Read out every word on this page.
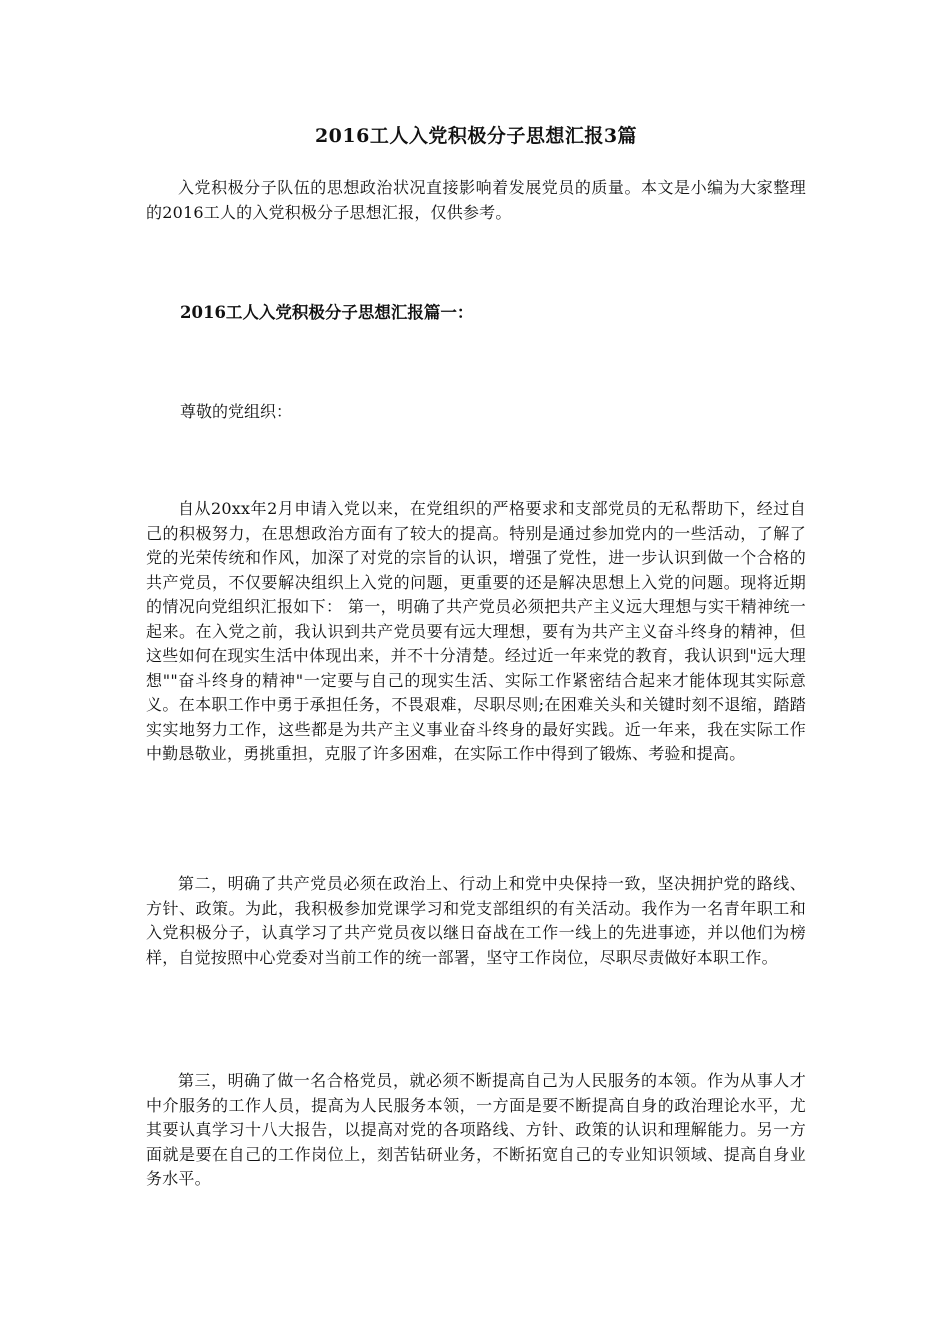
2016工人入党积极分子思想汇报3篇

入党积极分子队伍的思想政治状况直接影响着发展党员的质量。本文是小编为大家整理的2016工人的入党积极分子思想汇报，仅供参考。

2016工人入党积极分子思想汇报篇一：

尊敬的党组织：

自从20xx年2月申请入党以来，在党组织的严格要求和支部党员的无私帮助下，经过自己的积极努力，在思想政治方面有了较大的提高。特别是通过参加党内的一些活动，了解了党的光荣传统和作风，加深了对党的宗旨的认识，增强了党性，进一步认识到做一个合格的共产党员，不仅要解决组织上入党的问题，更重要的还是解决思想上入党的问题。现将近期的情况向党组织汇报如下： 第一，明确了共产党员必须把共产主义远大理想与实干精神统一起来。在入党之前，我认识到共产党员要有远大理想，要有为共产主义奋斗终身的精神，但这些如何在现实生活中体现出来，并不十分清楚。经过近一年来党的教育，我认识到"远大理想""奋斗终身的精神"一定要与自己的现实生活、实际工作紧密结合起来才能体现其实际意义。在本职工作中勇于承担任务，不畏艰难，尽职尽则;在困难关头和关键时刻不退缩，踏踏实实地努力工作，这些都是为共产主义事业奋斗终身的最好实践。近一年来，我在实际工作中勤恳敬业，勇挑重担，克服了许多困难，在实际工作中得到了锻炼、考验和提高。

第二，明确了共产党员必须在政治上、行动上和党中央保持一致，坚决拥护党的路线、方针、政策。为此，我积极参加党课学习和党支部组织的有关活动。我作为一名青年职工和入党积极分子，认真学习了共产党员夜以继日奋战在工作一线上的先进事迹，并以他们为榜样，自觉按照中心党委对当前工作的统一部署，坚守工作岗位，尽职尽责做好本职工作。

第三，明确了做一名合格党员，就必须不断提高自己为人民服务的本领。作为从事人才中介服务的工作人员，提高为人民服务本领，一方面是要不断提高自身的政治理论水平，尤其要认真学习十八大报告，以提高对党的各项路线、方针、政策的认识和理解能力。另一方面就是要在自己的工作岗位上，刻苦钻研业务，不断拓宽自己的专业知识领域、提高自身业务水平。
